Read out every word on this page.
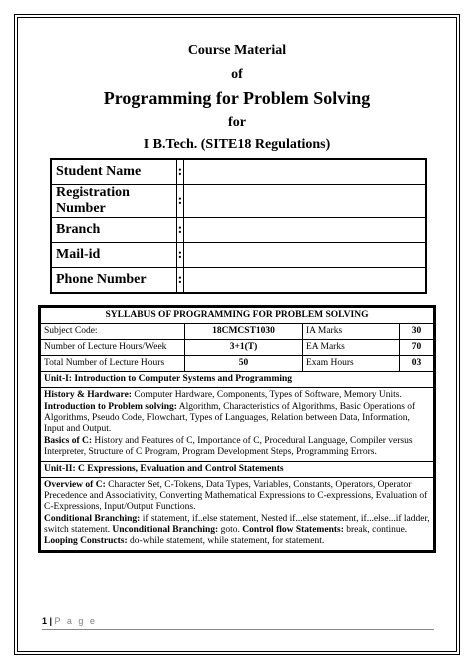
Course Material
of
Programming for Problem Solving
for
I B.Tech. (SITE18 Regulations)
Student Name	:	
Registration Number	:	
Branch	:	
Mail-id	:	
Phone Number	:	
SYLLABUS OF PROGRAMMING FOR PROBLEM SOLVING			
Subject Code:	18CMCST1030	IA Marks	30
Number of Lecture Hours/Week	3+1(T)	EA Marks	70
Total Number of Lecture Hours	50	Exam Hours	03
Unit-I: Introduction to Computer Systems and Programming			

History & Hardware: Computer Hardware, Components, Types of Software, Memory Units.

Introduction to Problem solving: Algorithm, Characteristics of Algorithms, Basic Operations of Algorithms, Pseudo Code, Flowchart, Types of Languages, Relation between Data, Information, Input and Output.

Basics of C: History and Features of C, Importance of C, Procedural Language, Compiler versus Interpreter, Structure of C Program, Program Development Steps, Programming Errors.			

Unit-II: C Expressions, Evaluation and Control Statements			

Overview of C: Character Set, C-Tokens, Data Types, Variables, Constants, Operators, Operator Precedence and Associativity, Converting Mathematical Expressions to C-expressions, Evaluation of C-Expressions, Input/Output Functions.

Conditional Branching: if statement, if..else statement, Nested if...else statement, if...else...if ladder, switch statement. Unconditional Branching: goto. Control flow Statements: break, continue. Looping Constructs: do-while statement, while statement, for statement.			

1 | P a g e
